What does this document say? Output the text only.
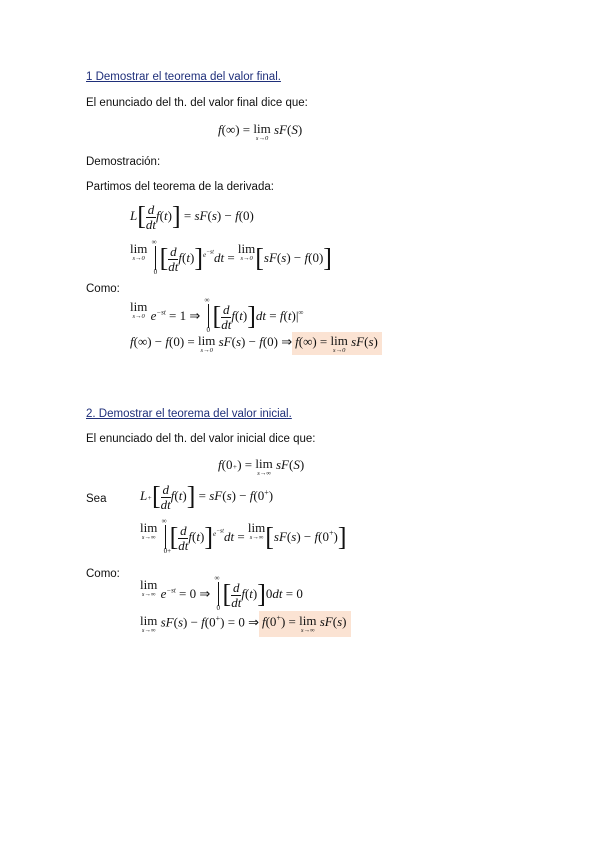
1 Demostrar el teorema del valor final.
El enunciado del th. del valor final dice que:
f(∞) = lim
s→0
sF(S)
Demostración:
Partimos del teorema de la derivada:
$L[ \frac{d}{dt} f(t)] = sF(s) - f(0)$
lim
s→0

∞
0 [ $\frac{d}{dt} f(t)]^{e^{-st}}dt$ =
lim
s→0 [sF(s) − f(0)]
Como:
lim
s→0 $e^{-st} = 1$ ⇒
∞
0 [ $\frac{d}{dt} f(t)]dt = f(t)|^\infty$
f(∞) − f(0) = lim
s→0
sF(s) − f(0) ⇒ f(∞) = lim
s→0
sF(s)
2. Demostrar el teorema del valor inicial.
El enunciado del th. del valor inicial dice que:
f(0+) = lim
s→∞
sF(S)
Sea	$L+[ \frac{d}{dt} f(t)] = sF(s) - f(0^+)$
lim
s→∞

∞
0+
[ $\frac{d}{dt} f(t)]^{e^{-st}}dt$ =
lim
s→∞ [sF(s) − f(0+)]
Como:
lim
s→∞ $e^{-st} = 0$ ⇒
∞
0 [ $\frac{d}{dt} f(t)]0dt = 0$
lim
s→∞
sF(s) − f(0+) = 0 ⇒ f(0+) = lim
s→∞
sF(s)
